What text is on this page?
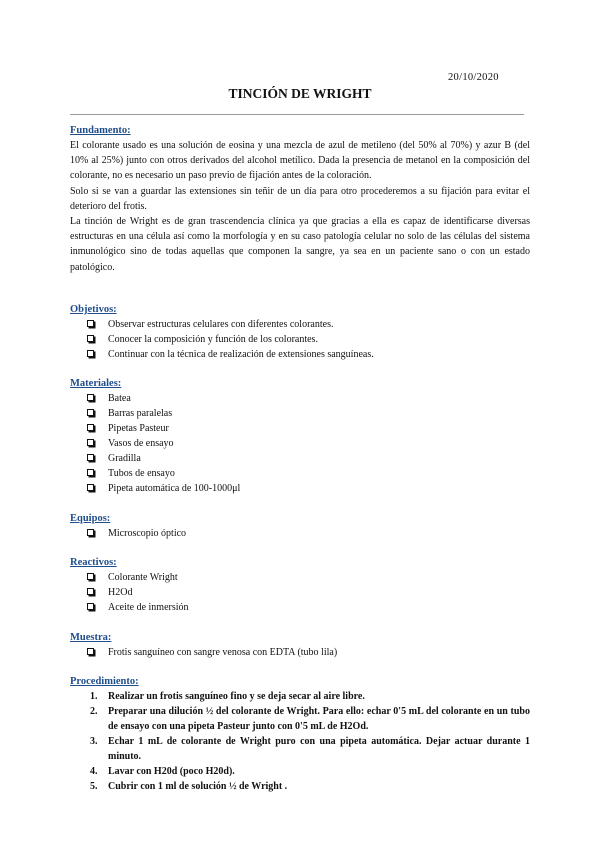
20/10/2020
TINCIÓN DE WRIGHT

Fundamento:

El colorante usado es una solución de eosina y una mezcla de azul de metileno (del 50% al 70%) y azur B (del 10% al 25%) junto con otros derivados del alcohol metílico. Dada la presencia de metanol en la composición del colorante, no es necesario un paso previo de fijación antes de la coloración.

Solo si se van a guardar las extensiones sin teñir de un día para otro procederemos a su fijación para evitar el deterioro del frotis.

La tinción de Wright es de gran trascendencia clínica ya que gracias a ella es capaz de identificarse diversas estructuras en una célula así como la morfología y en su caso patología celular no solo de las células del sistema inmunológico sino de todas aquellas que componen la sangre, ya sea en un paciente sano o con un estado patológico.

Objetivos:

Observar estructuras celulares con diferentes colorantes.
Conocer la composición y función de los colorantes.
Continuar con la técnica de realización de extensiones sanguíneas.

Materiales:

Batea
Barras paralelas
Pipetas Pasteur
Vasos de ensayo
Gradilla
Tubos de ensayo
Pipeta automática de 100-1000μl

Equipos:

Microscopio óptico

Reactivos:

Colorante Wright
H2Od
Aceite de inmersión

Muestra:

Frotis sanguíneo con sangre venosa con EDTA (tubo lila)

Procedimiento:

1. Realizar un frotis sanguíneo fino y se deja secar al aire libre.
2. Preparar una dilución ½ del colorante de Wright. Para ello: echar 0'5 mL del colorante en un tubo de ensayo con una pipeta Pasteur junto con 0'5 mL de H2Od.
3. Echar 1 mL de colorante de Wright puro con una pipeta automática. Dejar actuar durante 1 minuto.
4. Lavar con H20d (poco H20d).
5. Cubrir con 1 ml de solución ½ de Wright .
